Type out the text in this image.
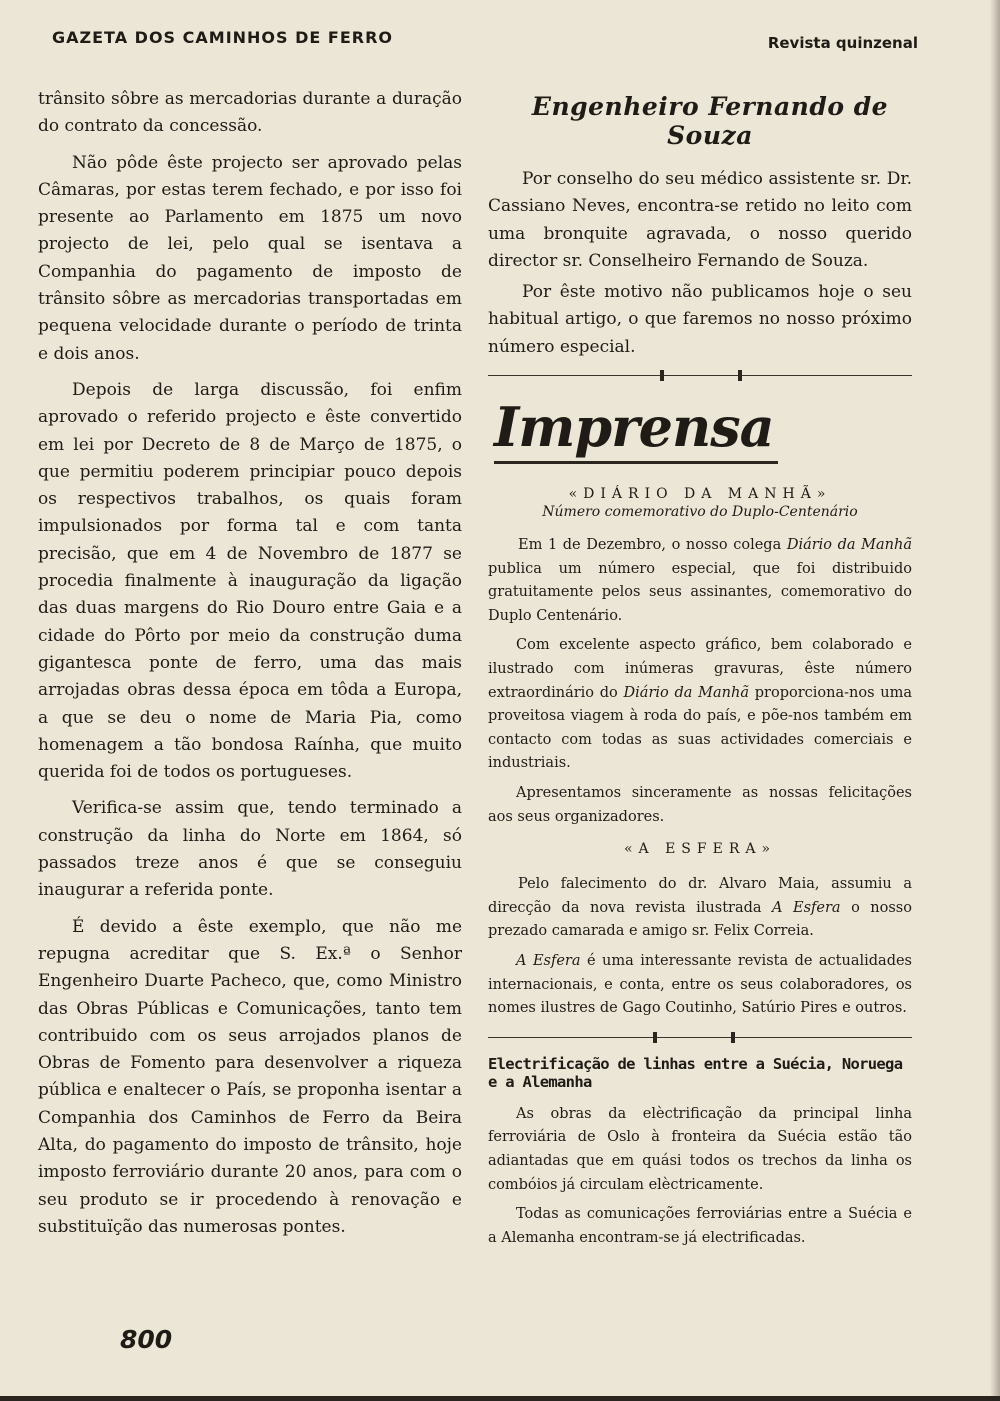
GAZETA DOS CAMINHOS DE FERRO	Revista quinzenal

trânsito sôbre as mercadorias durante a duração do contrato da concessão.

Não pôde êste projecto ser aprovado pelas Câmaras, por estas terem fechado, e por isso foi presente ao Parlamento em 1875 um novo projecto de lei, pelo qual se isentava a Companhia do pagamento de imposto de trânsito sôbre as mercadorias transportadas em pequena velocidade durante o período de trinta e dois anos.

Depois de larga discussão, foi enfim aprovado o referido projecto e êste convertido em lei por Decreto de 8 de Março de 1875, o que permitiu poderem principiar pouco depois os respectivos trabalhos, os quais foram impulsionados por forma tal e com tanta precisão, que em 4 de Novembro de 1877 se procedia finalmente à inauguração da ligação das duas margens do Rio Douro entre Gaia e a cidade do Pôrto por meio da construção duma gigantesca ponte de ferro, uma das mais arrojadas obras dessa época em tôda a Europa, a que se deu o nome de Maria Pia, como homenagem a tão bondosa Raínha, que muito querida foi de todos os portugueses.

Verifica-se assim que, tendo terminado a construção da linha do Norte em 1864, só passados treze anos é que se conseguiu inaugurar a referida ponte.

É devido a êste exemplo, que não me repugna acreditar que S. Ex.ª o Senhor Engenheiro Duarte Pacheco, que, como Ministro das Obras Públicas e Comunicações, tanto tem contribuido com os seus arrojados planos de Obras de Fomento para desenvolver a riqueza pública e enaltecer o País, se proponha isentar a Companhia dos Caminhos de Ferro da Beira Alta, do pagamento do imposto de trânsito, hoje imposto ferroviário durante 20 anos, para com o seu produto se ir procedendo à renovação e substituïção das numerosas pontes.

800
Engenheiro Fernando de Souza

Por conselho do seu médico assistente sr. Dr. Cassiano Neves, encontra-se retido no leito com uma bronquite agravada, o nosso querido director sr. Conselheiro Fernando de Souza.

Por êste motivo não publicamos hoje o seu habitual artigo, o que faremos no nosso próximo número especial.

Imprensa
«DIÁRIO DA MANHÃ»
Número comemorativo do Duplo-Centenário

Em 1 de Dezembro, o nosso colega Diário da Manhã publica um número especial, que foi distribuido gratuitamente pelos seus assinantes, comemorativo do Duplo Centenário.

Com excelente aspecto gráfico, bem colaborado e ilustrado com inúmeras gravuras, êste número extraordinário do Diário da Manhã proporciona-nos uma proveitosa viagem à roda do país, e põe-nos também em contacto com todas as suas actividades comerciais e industriais.

Apresentamos sinceramente as nossas felicitações aos seus organizadores.

«A ESFERA»

Pelo falecimento do dr. Alvaro Maia, assumiu a direcção da nova revista ilustrada A Esfera o nosso prezado camarada e amigo sr. Felix Correia.

A Esfera é uma interessante revista de actualidades internacionais, e conta, entre os seus colaboradores, os nomes ilustres de Gago Coutinho, Satúrio Pires e outros.

Electrificação de linhas entre a Suécia, Noruega e a Alemanha

As obras da elèctrificação da principal linha ferroviária de Oslo à fronteira da Suécia estão tão adiantadas que em quási todos os trechos da linha os combóios já circulam elèctricamente.

Todas as comunicações ferroviárias entre a Suécia e a Alemanha encontram-se já electrificadas.
